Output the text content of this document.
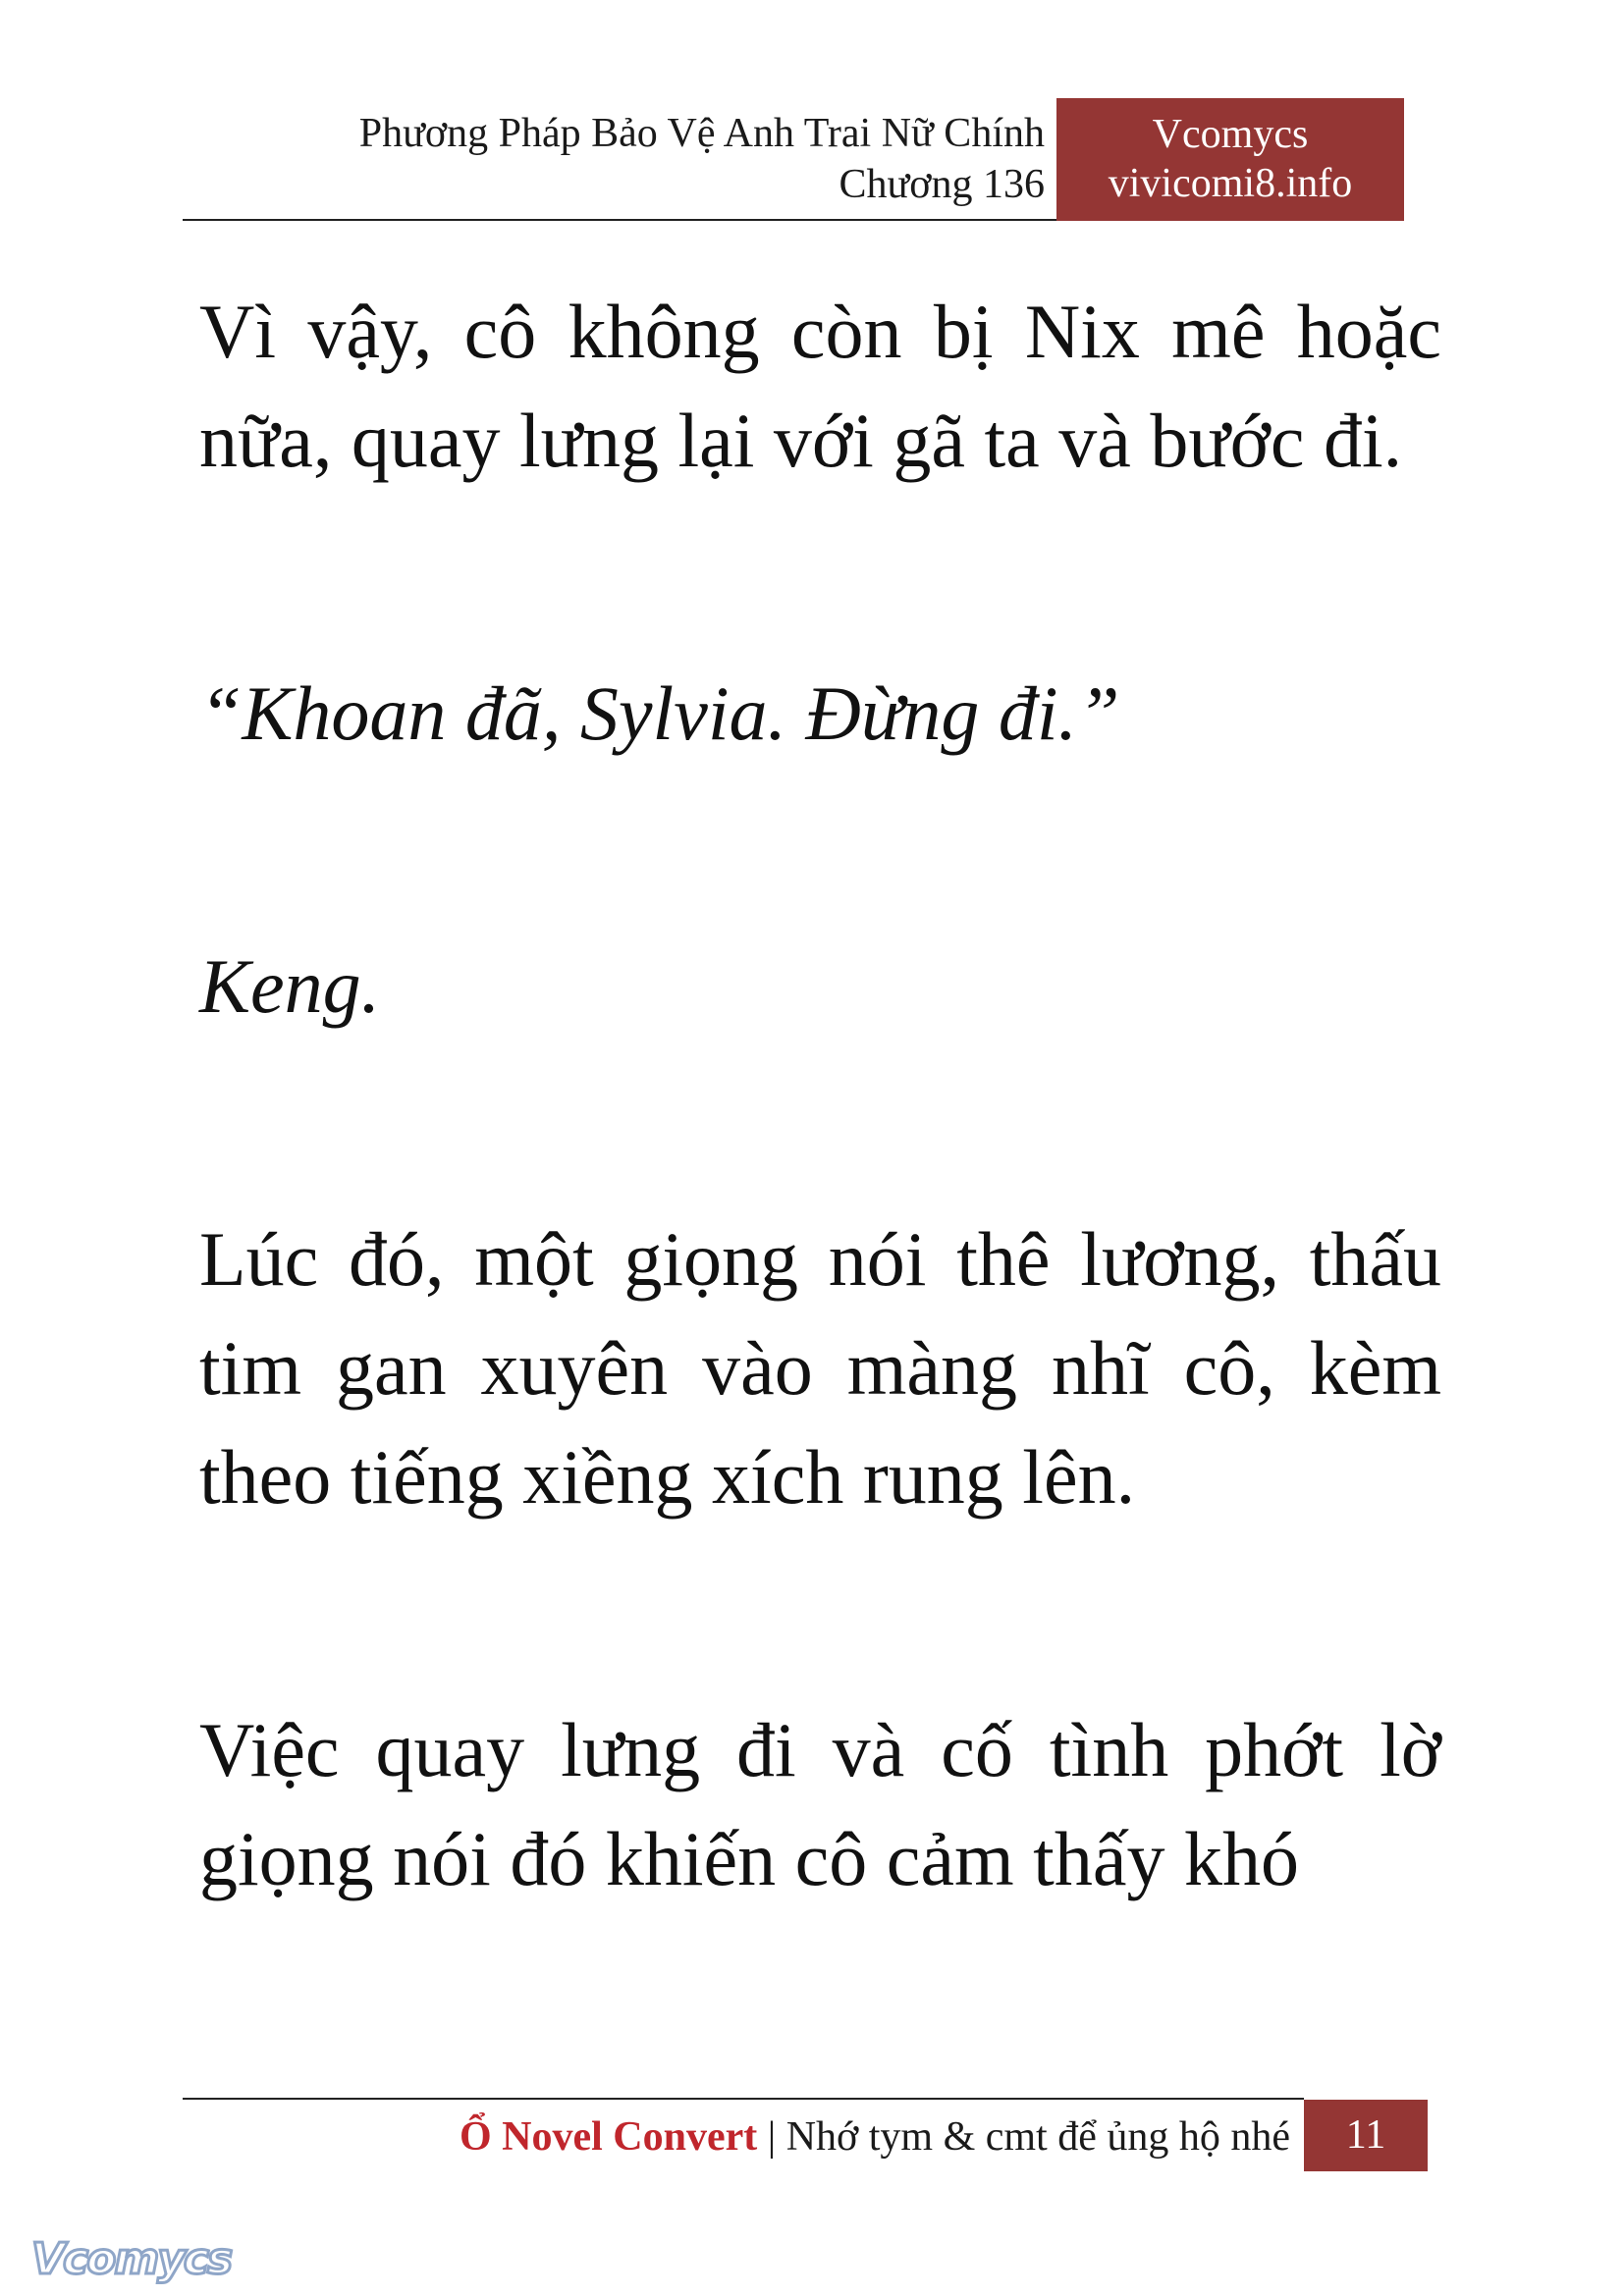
Phương Pháp Bảo Vệ Anh Trai Nữ Chính
Chương 136
Vcomycs
vivicomi8.info

Vì vậy, cô không còn bị Nix mê hoặc nữa, quay lưng lại với gã ta và bước đi.

“Khoan đã, Sylvia. Đừng đi.”

Keng.

Lúc đó, một giọng nói thê lương, thấu tim gan xuyên vào màng nhĩ cô, kèm theo tiếng xiềng xích rung lên.

Việc quay lưng đi và cố tình phớt lờ giọng nói đó khiến cô cảm thấy khó

Ổ Novel Convert | Nhớ tym & cmt để ủng hộ nhé	11
Vcomycs
